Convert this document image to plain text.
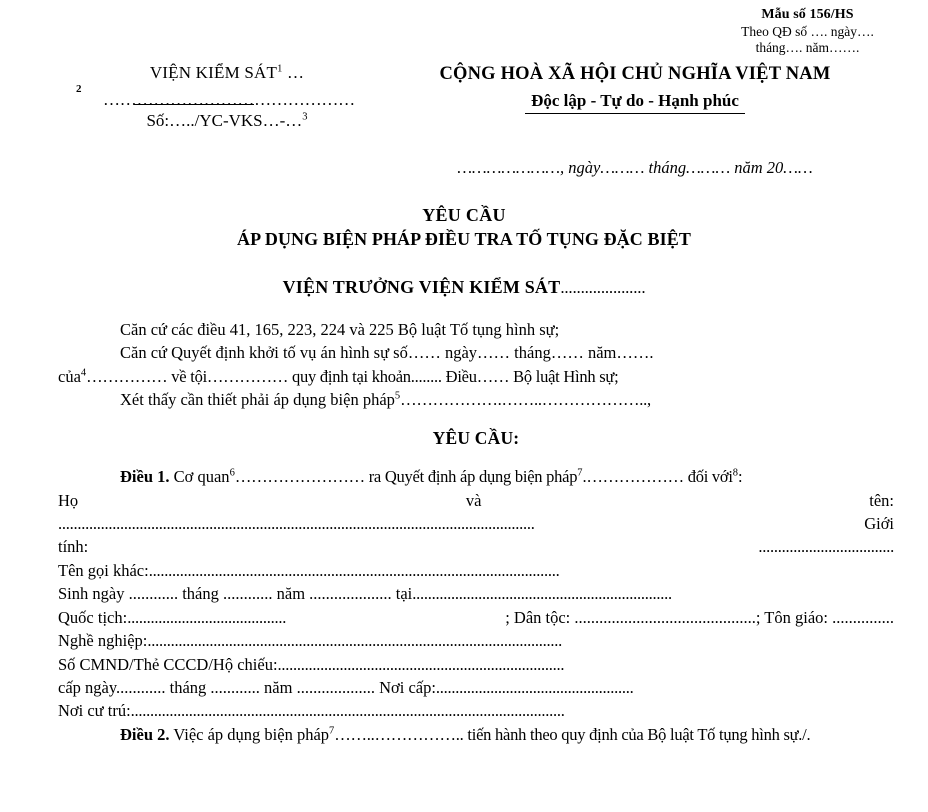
Mẫu số 156/HS
Theo QĐ số …. ngày….
tháng…. năm…….
VIỆN KIỂM SÁT$^1$ …
2
………………………………………
Số:…../YC-VKS…-…$^3$
CỘNG HOÀ XÃ HỘI CHỦ NGHĨA VIỆT NAM
Độc lập - Tự do - Hạnh phúc
…………………, ngày……… tháng……… năm 20……
YÊU CẦU
ÁP DỤNG BIỆN PHÁP ĐIỀU TRA TỐ TỤNG ĐẶC BIỆT
VIỆN TRƯỞNG VIỆN KIỂM SÁT.....................

Căn cứ các điều 41, 165, 223, 224 và 225 Bộ luật Tố tụng hình sự;

Căn cứ Quyết định khởi tố vụ án hình sự số…… ngày…… tháng…… năm…….

của$^4$…………… về tội…………… quy định tại khoản........ Điều…… Bộ luật Hình sự;

Xét thấy cần thiết phải áp dụng biện pháp$^5$……………….……..………………..,

YÊU CẦU:

Điều 1. Cơ quan$^6$…………………… ra Quyết định áp dụng biện pháp$^7$.……………… đối với$^8$:

Họ	và	tên:
...........................................................................................................................	Giới
tính:	...................................
Tên gọi khác: ..........................................................................................................
Sinh ngày ............ tháng ............ năm .................... tại ...................................................................
Quốc tịch: .........................................	; Dân tộc: ............................................; Tôn giáo: ...............
Nghề nghiệp: ...........................................................................................................
Số CMND/Thẻ CCCD/Hộ chiếu: ..........................................................................
cấp ngày............ tháng ............ năm ................... Nơi cấp: ...................................................
Nơi cư trú: ................................................................................................................

Điều 2. Việc áp dụng biện pháp$^7$……..…………….. tiến hành theo quy định của Bộ luật Tố tụng hình sự./.
